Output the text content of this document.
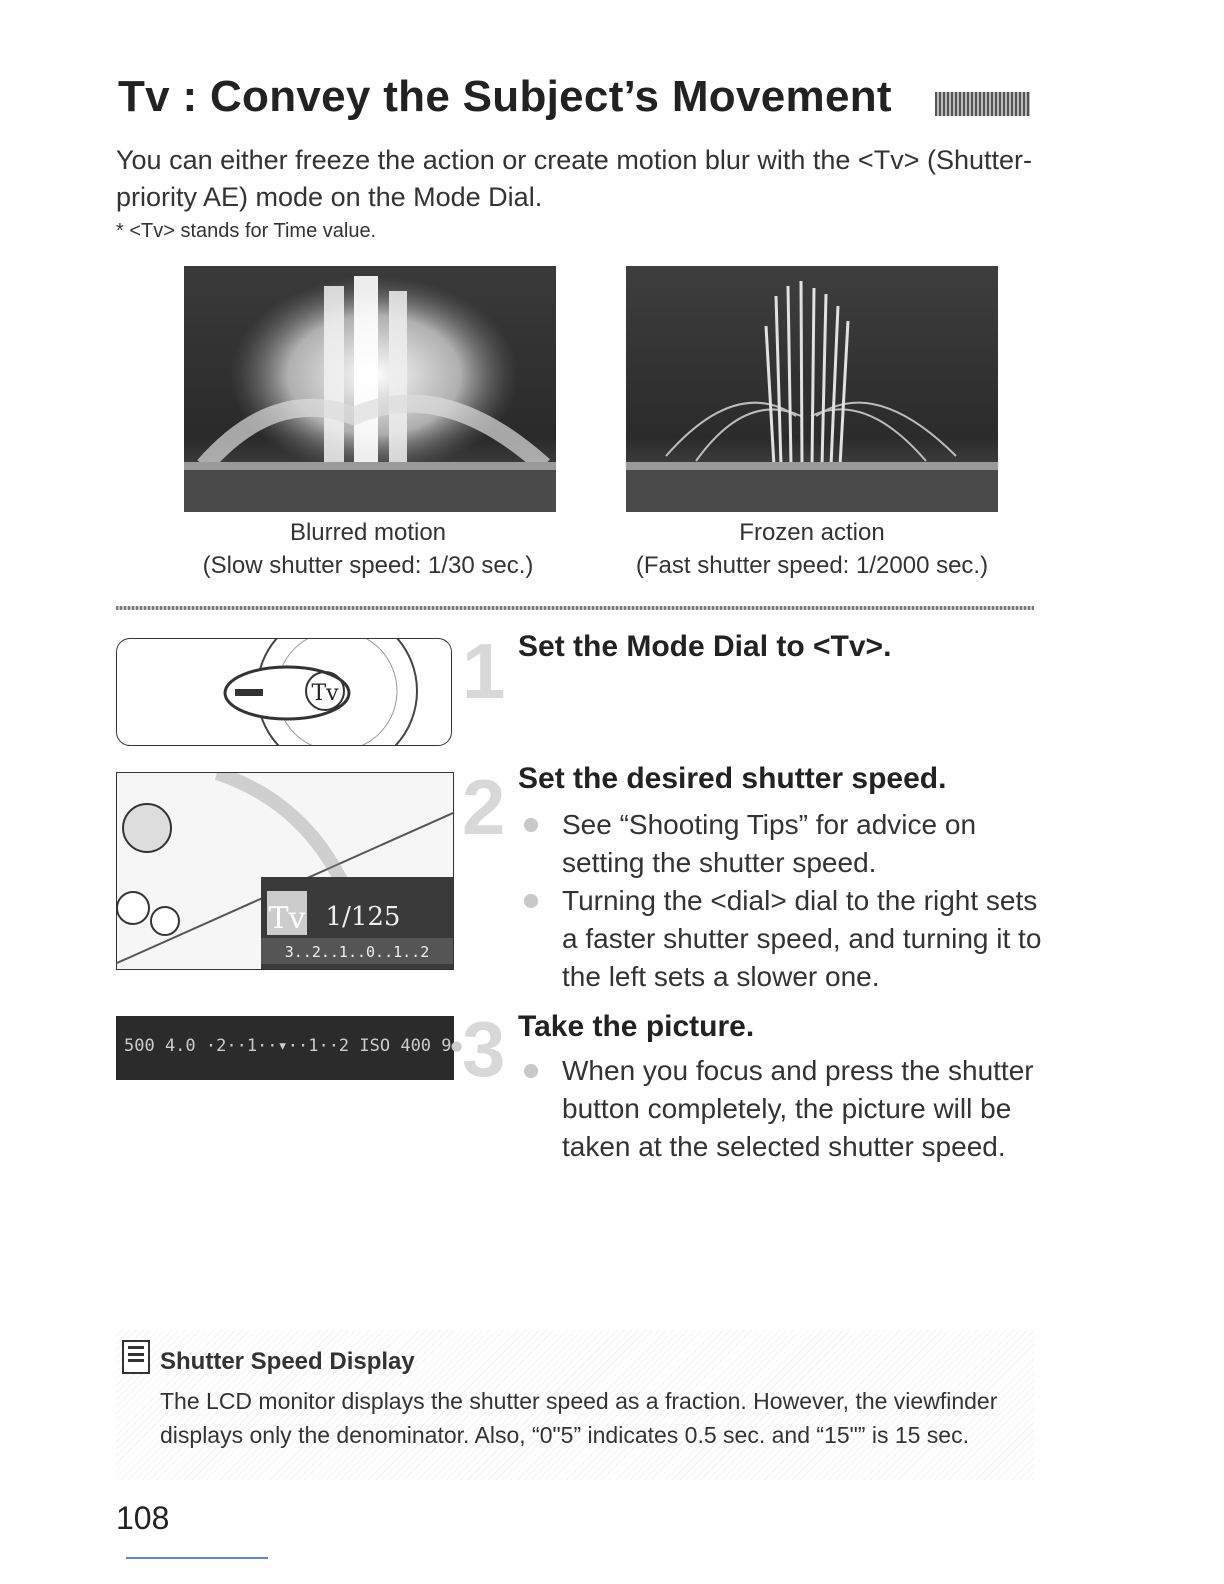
Tv : Convey the Subject’s Movement
You can either freeze the action or create motion blur with the <Tv> (Shutter-priority AE) mode on the Mode Dial.
* <Tv> stands for Time value.
Blurred motion
(Slow shutter speed: 1/30 sec.)
Frozen action
(Fast shutter speed: 1/2000 sec.)
Tv 1 Set the Mode Dial to <Tv>.
Tv 1/125
3..2..1..0..1..2
2 Set the desired shutter speed.
See “Shooting Tips” for advice on setting the shutter speed.
Turning the <dial> dial to the right sets a faster shutter speed, and turning it to the left sets a slower one.
500 4.0 ·2··1··▾··1··2 ISO 400 9● 3 Take the picture.
When you focus and press the shutter button completely, the picture will be taken at the selected shutter speed.
Shutter Speed Display
The LCD monitor displays the shutter speed as a fraction. However, the viewfinder displays only the denominator. Also, “0"5” indicates 0.5 sec. and “15"” is 15 sec.
108
